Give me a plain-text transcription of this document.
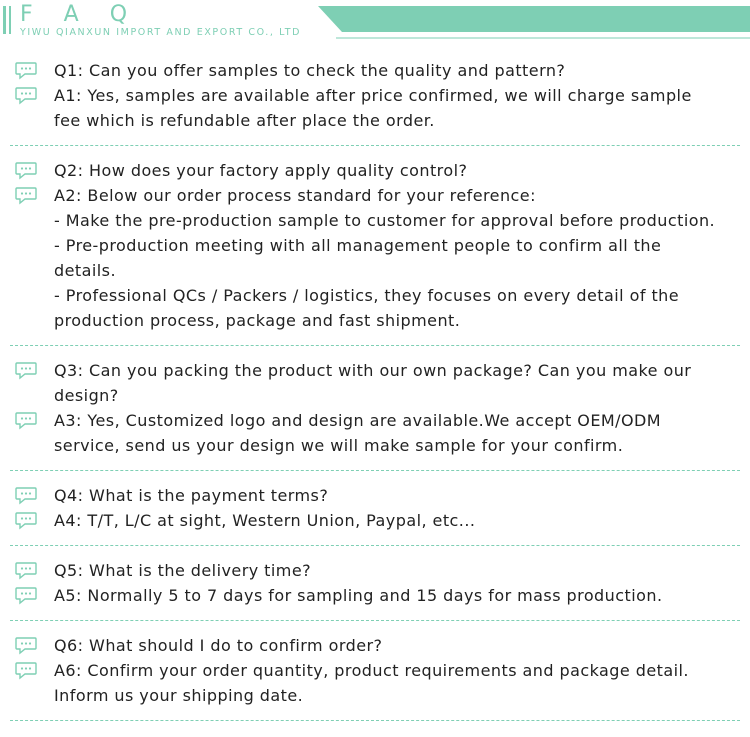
F A Q
YIWU QIANXUN IMPORT AND EXPORT CO., LTD
Q1: Can you offer samples to check the quality and pattern?
A1: Yes, samples are available after price confirmed, we will charge sample
fee which is refundable after place the order.
Q2: How does your factory apply quality control?
A2: Below our order process standard for your reference:
- Make the pre-production sample to customer for approval before production.
- Pre-production meeting with all management people to confirm all the
details.
- Professional QCs / Packers / logistics, they focuses on every detail of the
production process, package and fast shipment.
Q3: Can you packing the product with our own package? Can you make our
design?
A3: Yes, Customized logo and design are available.We accept OEM/ODM
service, send us your design we will make sample for your confirm.
Q4: What is the payment terms?
A4: T/T, L/C at sight, Western Union, Paypal, etc...
Q5: What is the delivery time?
A5: Normally 5 to 7 days for sampling and 15 days for mass production.
Q6: What should I do to confirm order?
A6: Confirm your order quantity, product requirements and package detail.
Inform us your shipping date.
